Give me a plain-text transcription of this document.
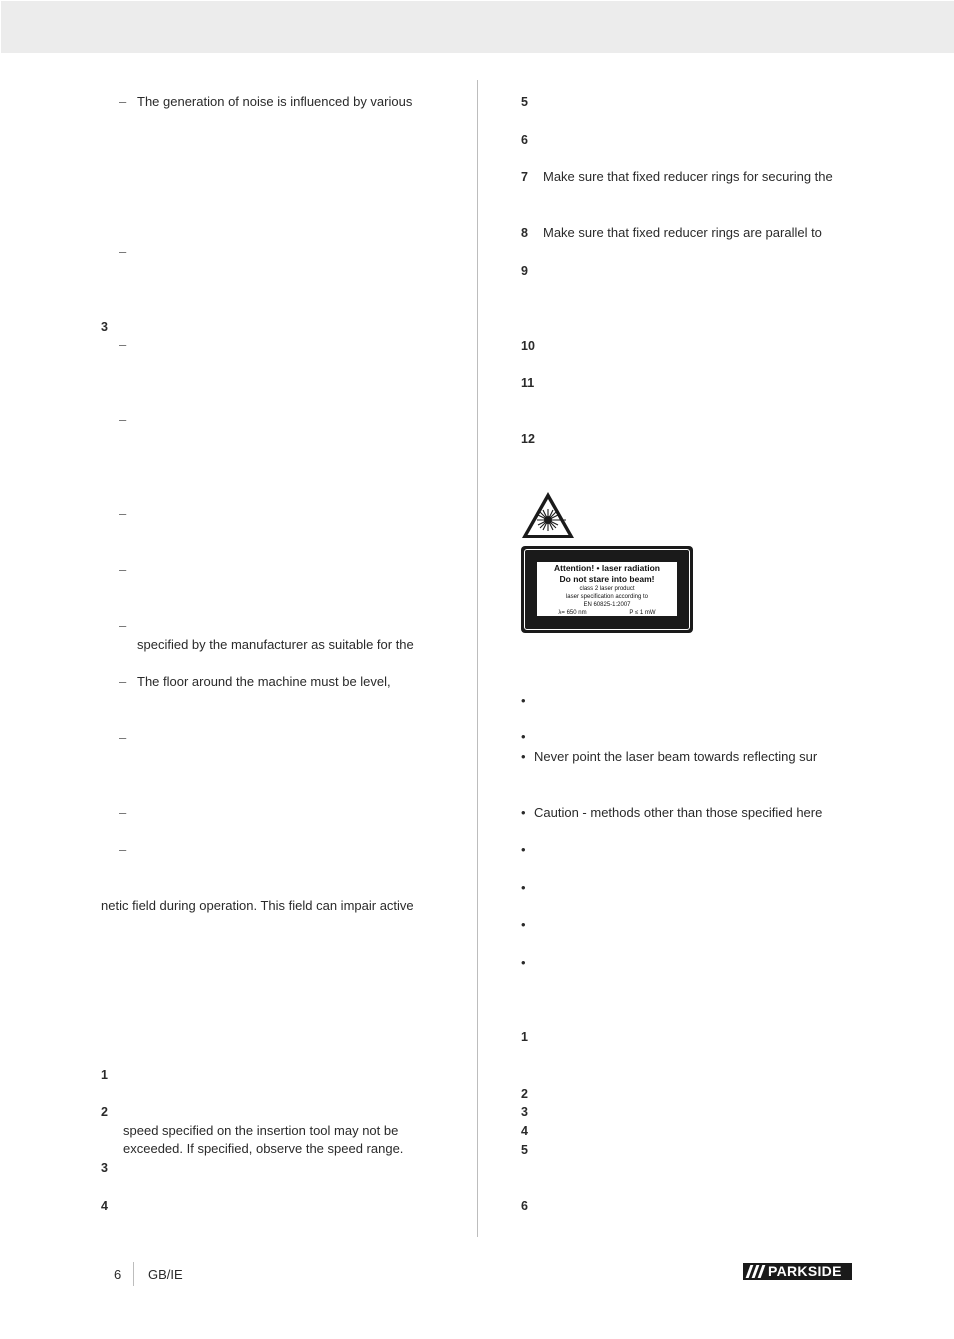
– The generation of noise is influenced by various
–
3
–
–
–
–
–
specified by the manufacturer as suitable for the
– The floor around the machine must be level,
–
–
–
netic field during operation. This field can impair active
1
2
speed specified on the insertion tool may not be
exceeded. If specified, observe the speed range.
3
4
5
6
7 Make sure that fixed reducer rings for securing the
8 Make sure that fixed reducer rings are parallel to
9
10
11
12
Attention! • laser radiation
Do not stare into beam!
class 2 laser product
laser specification according to
EN 60825-1:2007
λ= 650 nm	P ≤ 1 mW
•
•
• Never point the laser beam towards reflecting sur
• Caution - methods other than those specified here
•
•
•
•
1
2
3
4
5
6
6 GB/IE	PARKSIDE
